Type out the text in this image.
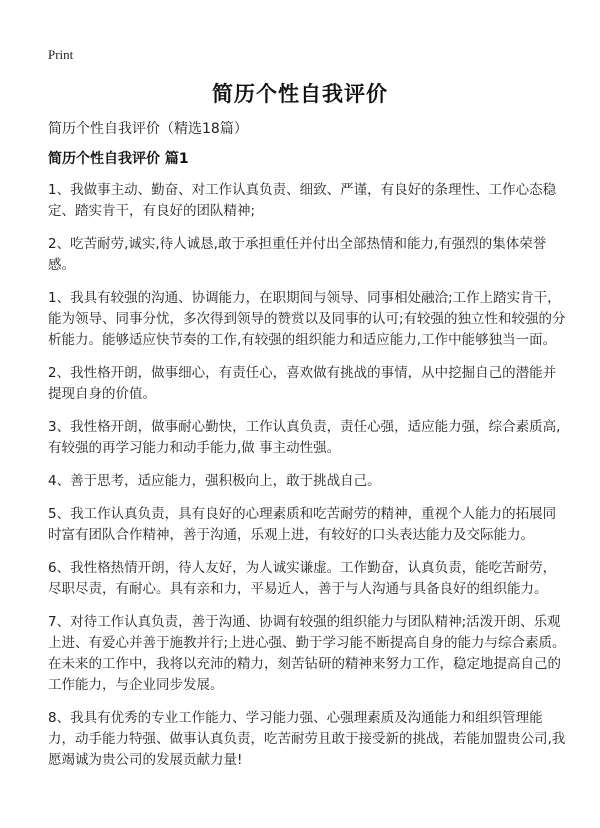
Print
简历个性自我评价
简历个性自我评价（精选18篇）
简历个性自我评价 篇1

1、我做事主动、勤奋、对工作认真负责、细致、严谨，有良好的条理性、工作心态稳定、踏实肯干，有良好的团队精神;

2、吃苦耐劳,诚实,待人诚恳,敢于承担重任并付出全部热情和能力,有强烈的集体荣誉感。

1、我具有较强的沟通、协调能力，在职期间与领导、同事相处融洽;工作上踏实肯干，能为领导、同事分忧，多次得到领导的赞赏以及同事的认可;有较强的独立性和较强的分析能力。能够适应快节奏的工作,有较强的组织能力和适应能力,工作中能够独当一面。

2、我性格开朗，做事细心，有责任心，喜欢做有挑战的事情，从中挖掘自己的潜能并提现自身的价值。

3、我性格开朗，做事耐心勤快，工作认真负责，责任心强，适应能力强，综合素质高,有较强的再学习能力和动手能力,做 事主动性强。

4、善于思考，适应能力，强积极向上，敢于挑战自己。

5、我工作认真负责，具有良好的心理素质和吃苦耐劳的精神，重视个人能力的拓展同时富有团队合作精神，善于沟通，乐观上进，有较好的口头表达能力及交际能力。

6、我性格热情开朗，待人友好，为人诚实谦虚。工作勤奋，认真负责，能吃苦耐劳，尽职尽责，有耐心。具有亲和力，平易近人，善于与人沟通与具备良好的组织能力。

7、对待工作认真负责，善于沟通、协调有较强的组织能力与团队精神;活泼开朗、乐观上进、有爱心并善于施教并行;上进心强、勤于学习能不断提高自身的能力与综合素质。在未来的工作中，我将以充沛的精力，刻苦钻研的精神来努力工作，稳定地提高自己的工作能力，与企业同步发展。

8、我具有优秀的专业工作能力、学习能力强、心强理素质及沟通能力和组织管理能力，动手能力特强、做事认真负责，吃苦耐劳且敢于接受新的挑战，若能加盟贵公司,我愿竭诚为贵公司的发展贡献力量!
